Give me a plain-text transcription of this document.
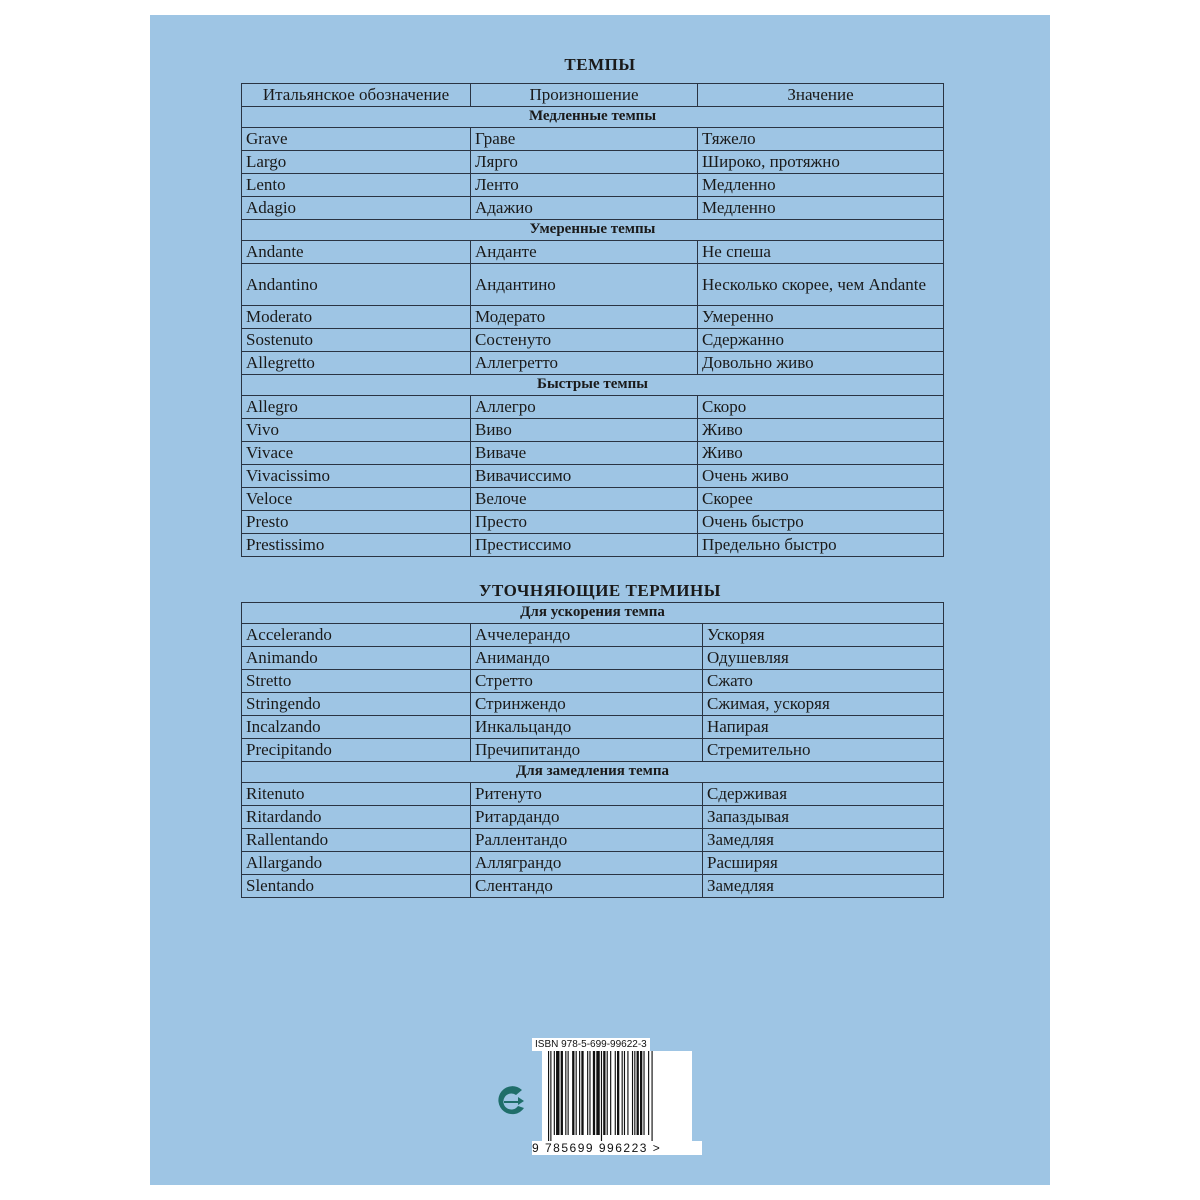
ТЕМПЫ
Итальянское обозначение	Произношение	Значение
Медленные темпы		
Grave	Граве	Тяжело
Largo	Лярго	Широко, протяжно
Lento	Ленто	Медленно
Adagio	Адажио	Медленно
Умеренные темпы		
Andante	Анданте	Не спеша
Andantino	Андантино	Несколько скорее, чем Andante
Moderato	Модерато	Умеренно
Sostenuto	Состенуто	Сдержанно
Allegretto	Аллегретто	Довольно живо
Быстрые темпы		
Allegro	Аллегро	Скоро
Vivo	Виво	Живо
Vivace	Виваче	Живо
Vivacissimo	Вивачиссимо	Очень живо
Veloce	Велоче	Скорее
Presto	Престо	Очень быстро
Prestissimo	Престиссимо	Предельно быстро
УТОЧНЯЮЩИЕ ТЕРМИНЫ
Для ускорения темпа		
Accelerando	Аччелерандо	Ускоряя
Animando	Анимандо	Одушевляя
Stretto	Стретто	Сжато
Stringendo	Стринжендо	Сжимая, ускоряя
Incalzando	Инкальцандо	Напирая
Precipitando	Пречипитандо	Стремительно
Для замедления темпа		
Ritenuto	Ритенуто	Сдерживая
Ritardando	Ритардандо	Запаздывая
Rallentando	Раллентандо	Замедляя
Allargando	Алляграндо	Расширяя
Slentando	Слентандо	Замедляя
ISBN 978-5-699-99622-3
9 785699 996223 >
